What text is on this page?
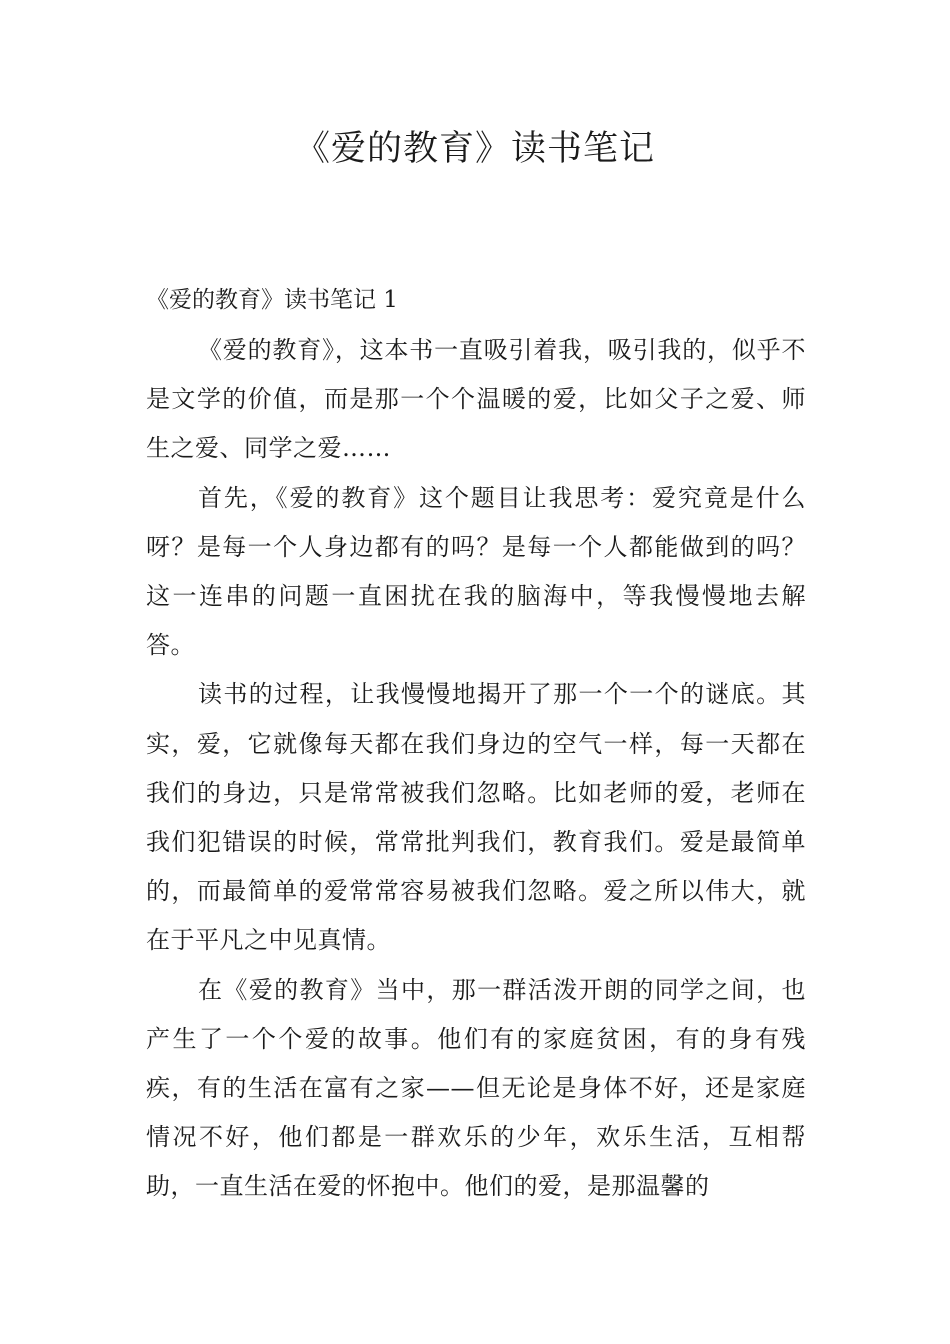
《爱的教育》读书笔记
《爱的教育》读书笔记 1

《爱的教育》，这本书一直吸引着我，吸引我的，似乎不是文学的价值，而是那一个个温暖的爱，比如父子之爱、师生之爱、同学之爱……

首先，《爱的教育》这个题目让我思考：爱究竟是什么呀？是每一个人身边都有的吗？是每一个人都能做到的吗？这一连串的问题一直困扰在我的脑海中，等我慢慢地去解答。

读书的过程，让我慢慢地揭开了那一个一个的谜底。其实，爱，它就像每天都在我们身边的空气一样，每一天都在我们的身边，只是常常被我们忽略。比如老师的爱，老师在我们犯错误的时候，常常批判我们，教育我们。爱是最简单的，而最简单的爱常常容易被我们忽略。爱之所以伟大，就在于平凡之中见真情。

在《爱的教育》当中，那一群活泼开朗的同学之间，也产生了一个个爱的故事。他们有的家庭贫困，有的身有残疾，有的生活在富有之家——但无论是身体不好，还是家庭情况不好，他们都是一群欢乐的少年，欢乐生活，互相帮助，一直生活在爱的怀抱中。他们的爱，是那温馨的
